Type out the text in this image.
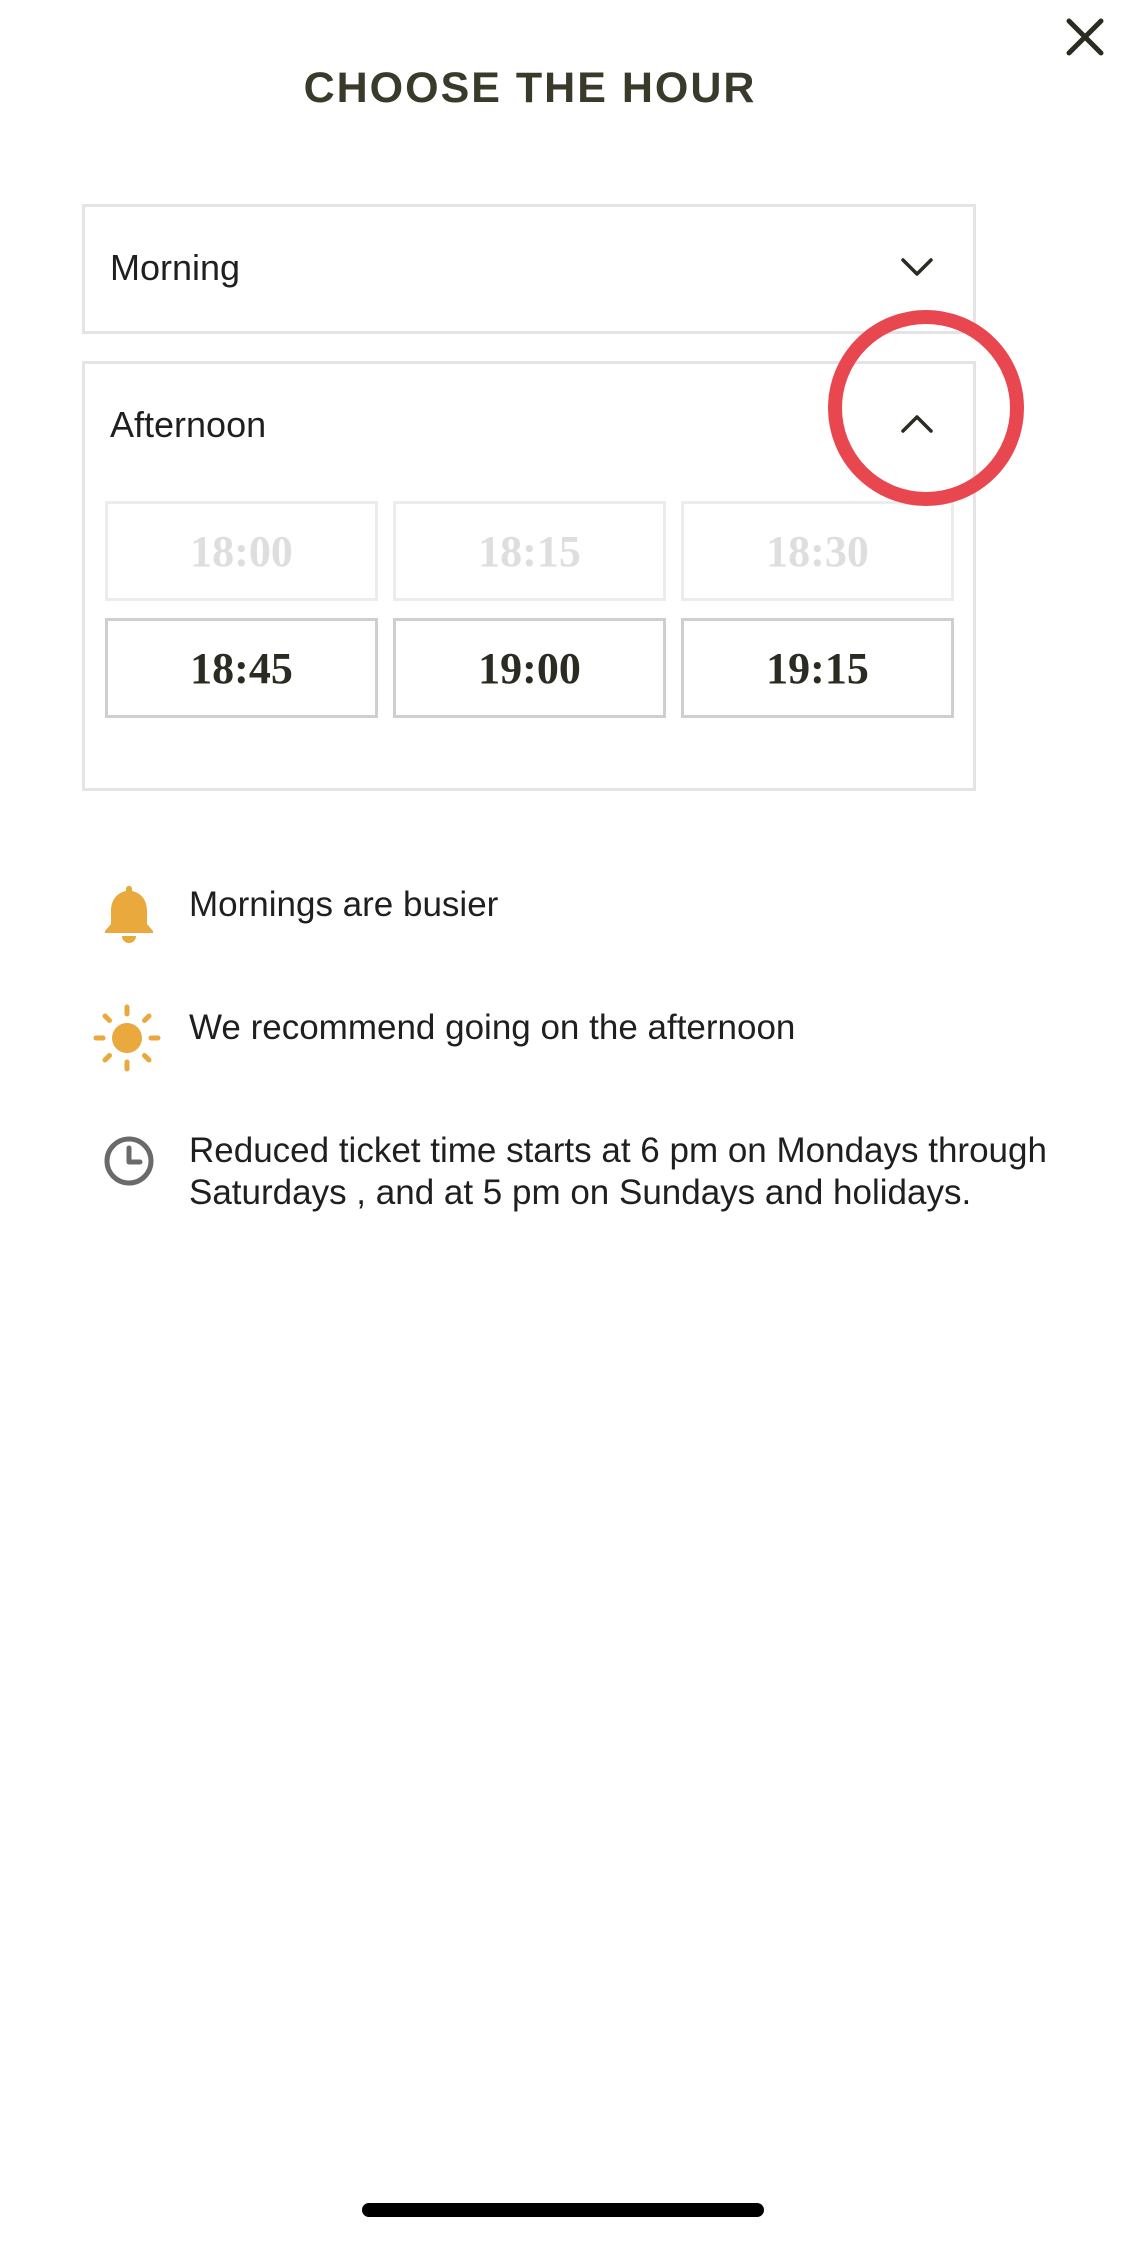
CHOOSE THE HOUR
Morning
Afternoon
18:00	18:15	18:30
18:45	19:00	19:15
Mornings are busier
We recommend going on the afternoon
Reduced ticket time starts at 6 pm on Mondays through Saturdays , and at 5 pm on Sundays and holidays.
